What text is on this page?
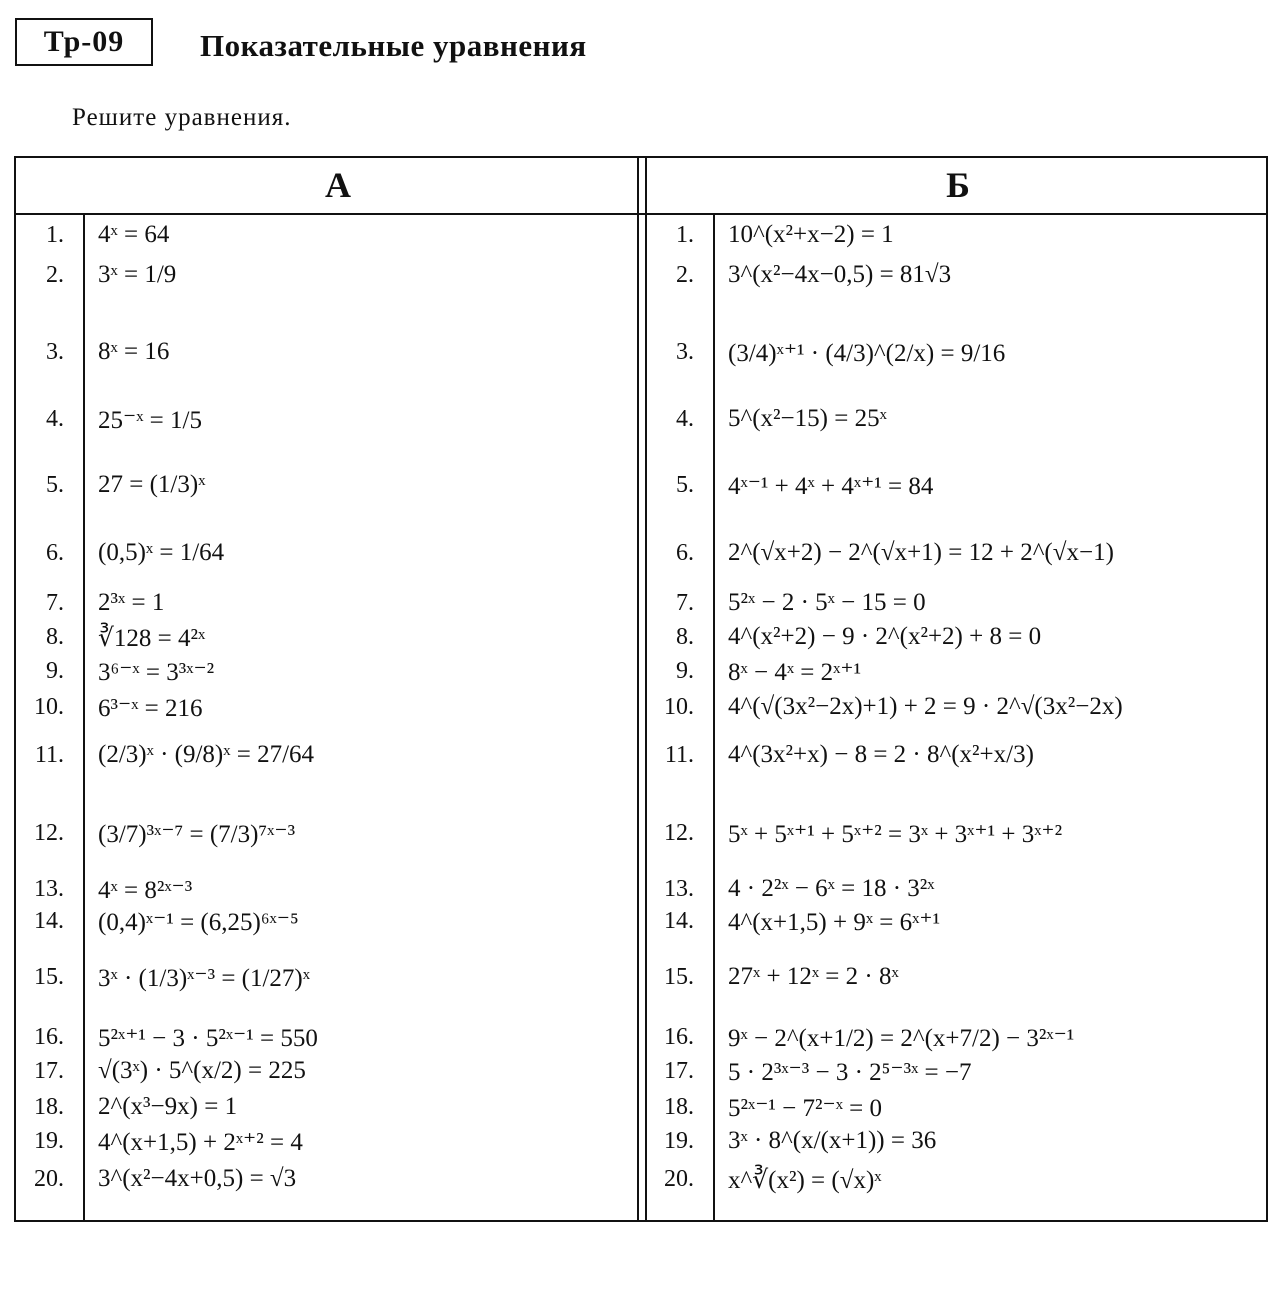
Тр-09	Показательные уравнения
Решите уравнения.
А	Б
1. 4ˣ = 64
2. 3ˣ = 1/9
3. 8ˣ = 16
4. 25⁻ˣ = 1/5
5. 27 = (1/3)ˣ
6. (0,5)ˣ = 1/64
7. 2³ˣ = 1
8. ∛128 = 4²ˣ
9. 3⁶⁻ˣ = 3³ˣ⁻²
10. 6³⁻ˣ = 216
11. (2/3)ˣ · (9/8)ˣ = 27/64
12. (3/7)³ˣ⁻⁷ = (7/3)⁷ˣ⁻³
13. 4ˣ = 8²ˣ⁻³
14. (0,4)ˣ⁻¹ = (6,25)⁶ˣ⁻⁵
15. 3ˣ · (1/3)ˣ⁻³ = (1/27)ˣ
16. 5²ˣ⁺¹ − 3 · 5²ˣ⁻¹ = 550
17. √(3ˣ) · 5^(x/2) = 225
18. 2^(x³−9x) = 1
19. 4^(x+1,5) + 2ˣ⁺² = 4
20. 3^(x²−4x+0,5) = √3
1. 10^(x²+x−2) = 1
2. 3^(x²−4x−0,5) = 81√3
3. (3/4)ˣ⁺¹ · (4/3)^(2/x) = 9/16
4. 5^(x²−15) = 25ˣ
5. 4ˣ⁻¹ + 4ˣ + 4ˣ⁺¹ = 84
6. 2^(√x+2) − 2^(√x+1) = 12 + 2^(√x−1)
7. 5²ˣ − 2 · 5ˣ − 15 = 0
8. 4^(x²+2) − 9 · 2^(x²+2) + 8 = 0
9. 8ˣ − 4ˣ = 2ˣ⁺¹
10. 4^(√(3x²−2x)+1) + 2 = 9 · 2^√(3x²−2x)
11. 4^(3x²+x) − 8 = 2 · 8^(x²+x/3)
12. 5ˣ + 5ˣ⁺¹ + 5ˣ⁺² = 3ˣ + 3ˣ⁺¹ + 3ˣ⁺²
13. 4 · 2²ˣ − 6ˣ = 18 · 3²ˣ
14. 4^(x+1,5) + 9ˣ = 6ˣ⁺¹
15. 27ˣ + 12ˣ = 2 · 8ˣ
16. 9ˣ − 2^(x+1/2) = 2^(x+7/2) − 3²ˣ⁻¹
17. 5 · 2³ˣ⁻³ − 3 · 2⁵⁻³ˣ = −7
18. 5²ˣ⁻¹ − 7²⁻ˣ = 0
19. 3ˣ · 8^(x/(x+1)) = 36
20. x^∛(x²) = (√x)ˣ
